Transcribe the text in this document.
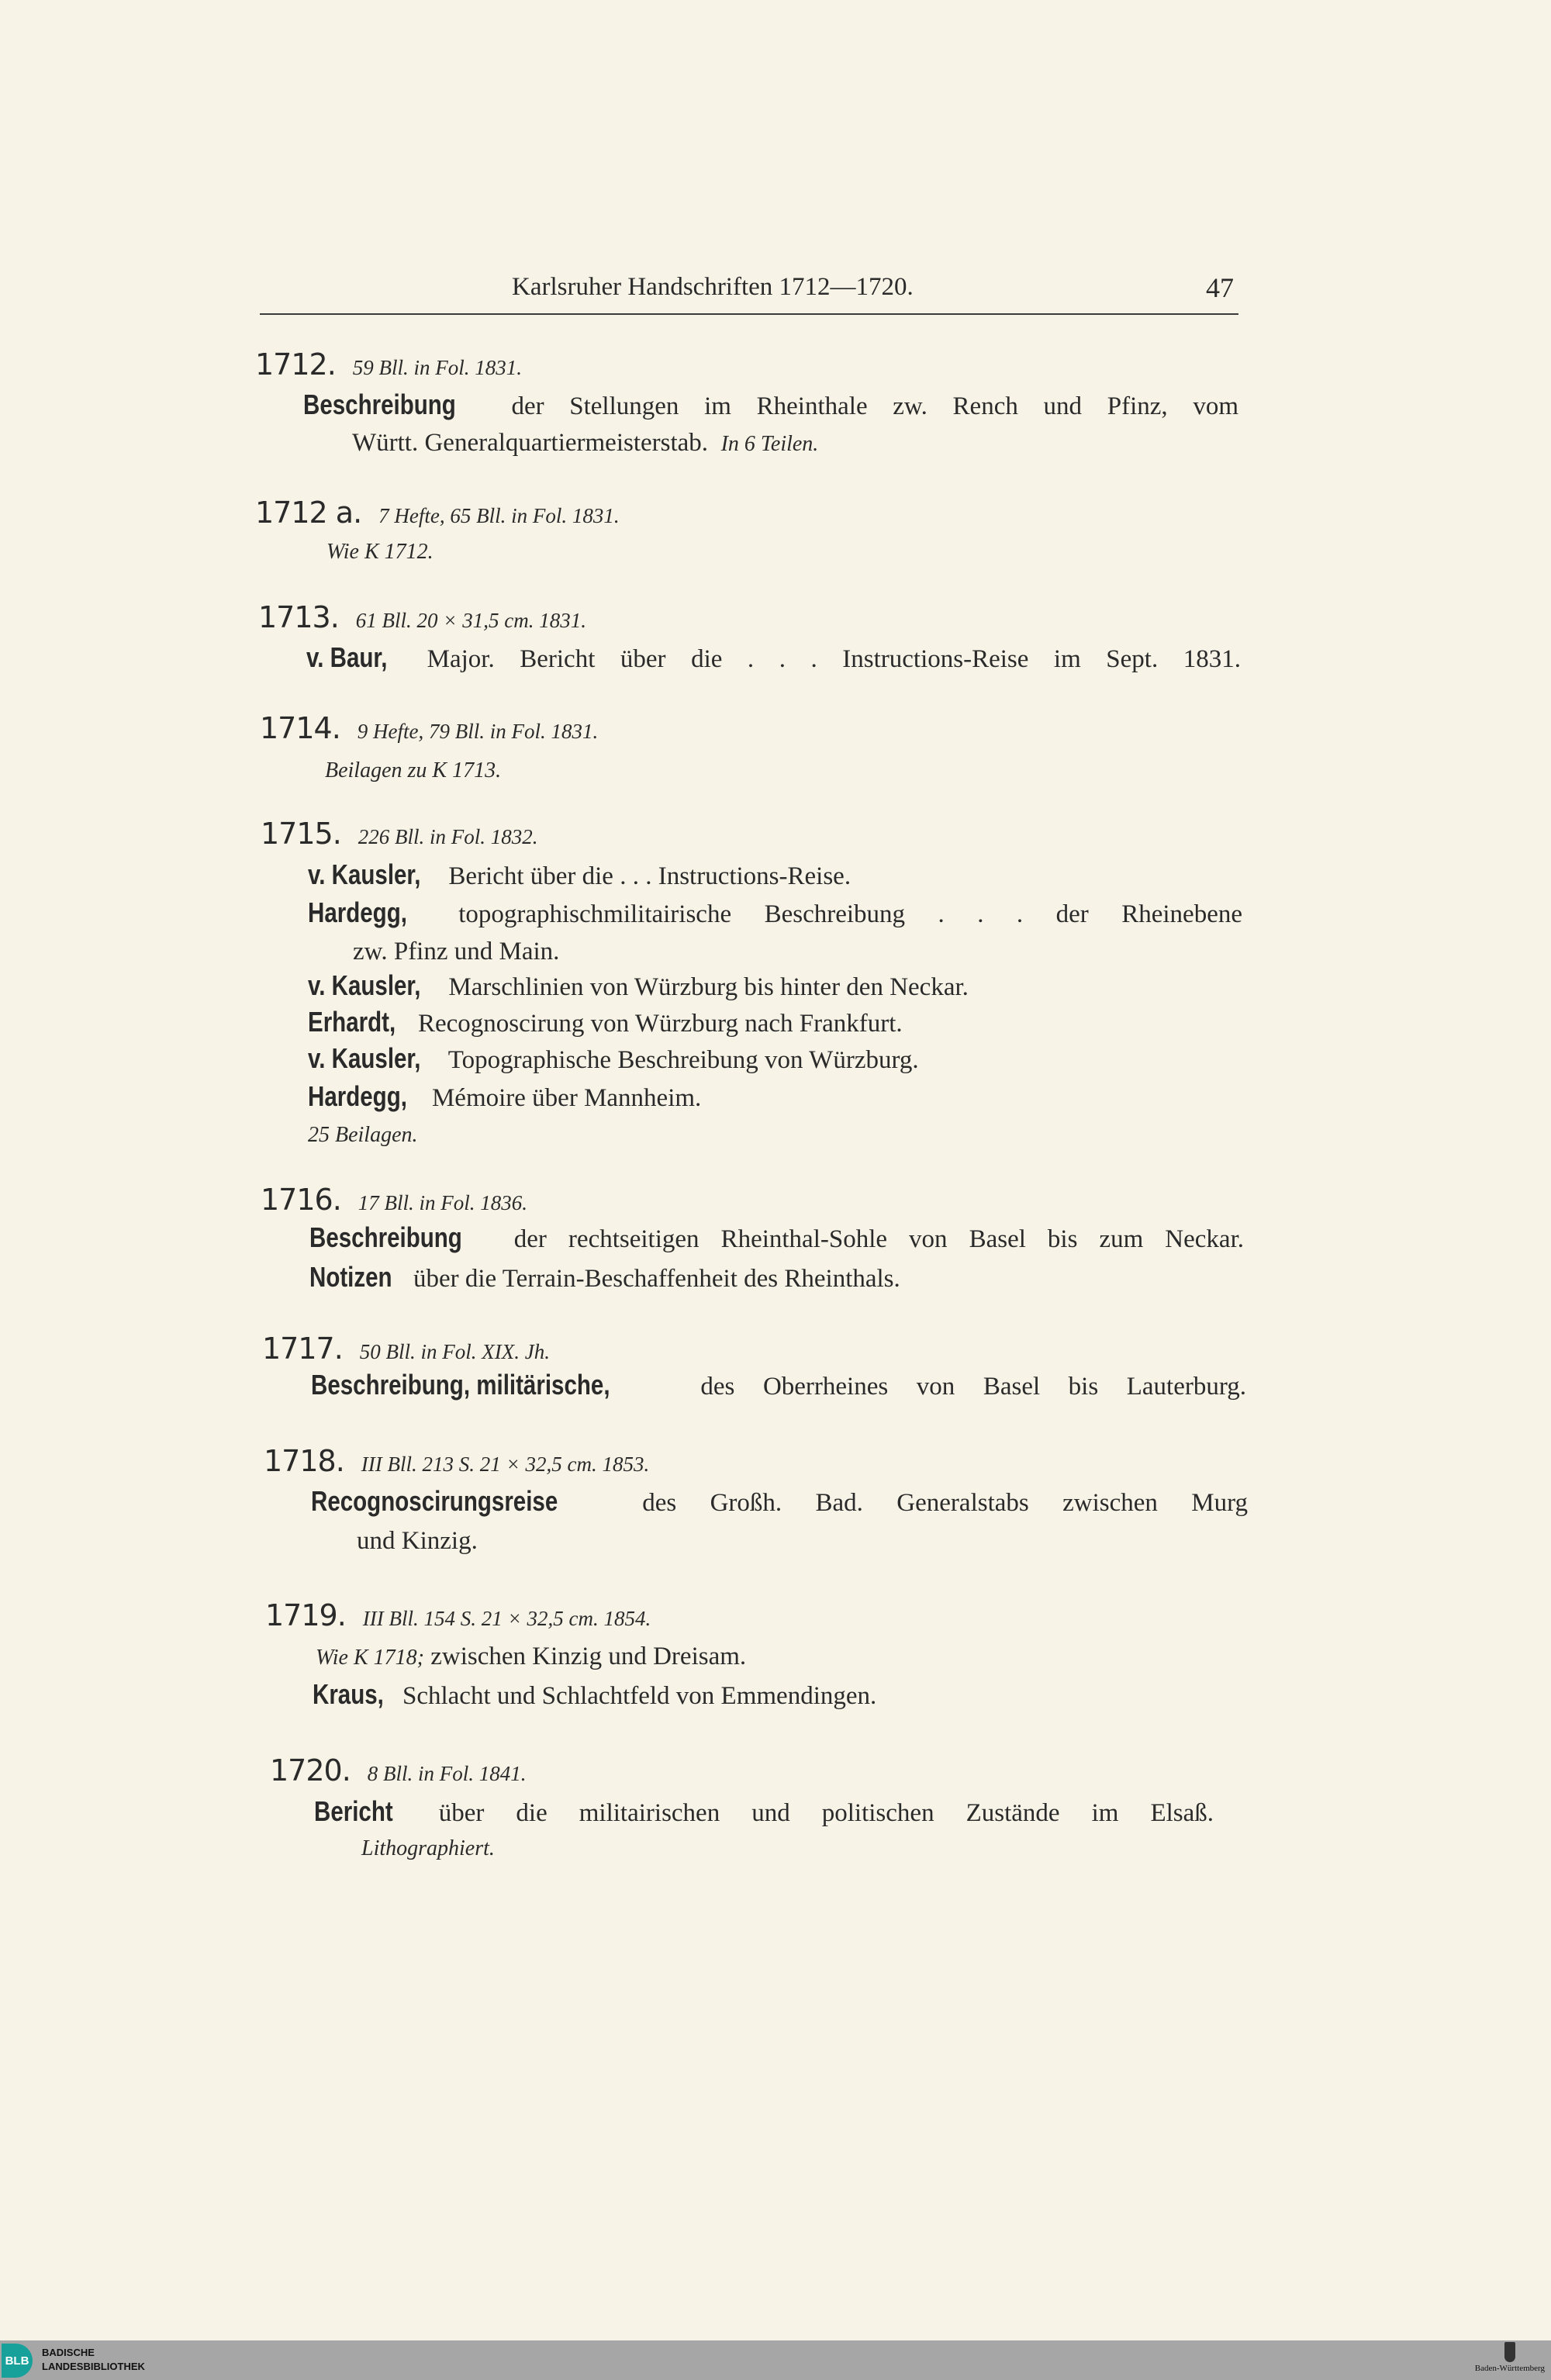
Karlsruher Handschriften 1712—1720.	47
1712. 59 Bll. in Fol. 1831.
Beschreibung der Stellungen im Rheinthale zw. Rench und Pfinz, vom
Württ. Generalquartiermeisterstab. In 6 Teilen.
1712 a. 7 Hefte, 65 Bll. in Fol. 1831.
Wie K 1712.
1713. 61 Bll. 20 × 31,5 cm. 1831.
v. Baur, Major. Bericht über die . . . Instructions-Reise im Sept. 1831.
1714. 9 Hefte, 79 Bll. in Fol. 1831.
Beilagen zu K 1713.
1715. 226 Bll. in Fol. 1832.
v. Kausler, Bericht über die . . . Instructions-Reise.
Hardegg, topographischmilitairische Beschreibung . . . der Rheinebene
zw. Pfinz und Main.
v. Kausler, Marschlinien von Würzburg bis hinter den Neckar.
Erhardt, Recognoscirung von Würzburg nach Frankfurt.
v. Kausler, Topographische Beschreibung von Würzburg.
Hardegg, Mémoire über Mannheim.
25 Beilagen.
1716. 17 Bll. in Fol. 1836.
Beschreibung der rechtseitigen Rheinthal-Sohle von Basel bis zum Neckar.
Notizen über die Terrain-Beschaffenheit des Rheinthals.
1717. 50 Bll. in Fol. XIX. Jh.
Beschreibung, militärische,	des Oberrheines von Basel bis Lauterburg.
1718. III Bll. 213 S. 21 × 32,5 cm. 1853.
Recognoscirungsreise	des Großh. Bad. Generalstabs zwischen Murg
und Kinzig.
1719. III Bll. 154 S. 21 × 32,5 cm. 1854.
Wie K 1718; zwischen Kinzig und Dreisam.
Kraus, Schlacht und Schlachtfeld von Emmendingen.
1720. 8 Bll. in Fol. 1841.
Bericht über die militairischen und politischen Zustände im Elsaß.
Lithographiert.
BLB
BADISCHE
LANDESBIBLIOTHEK	Baden-Württemberg
